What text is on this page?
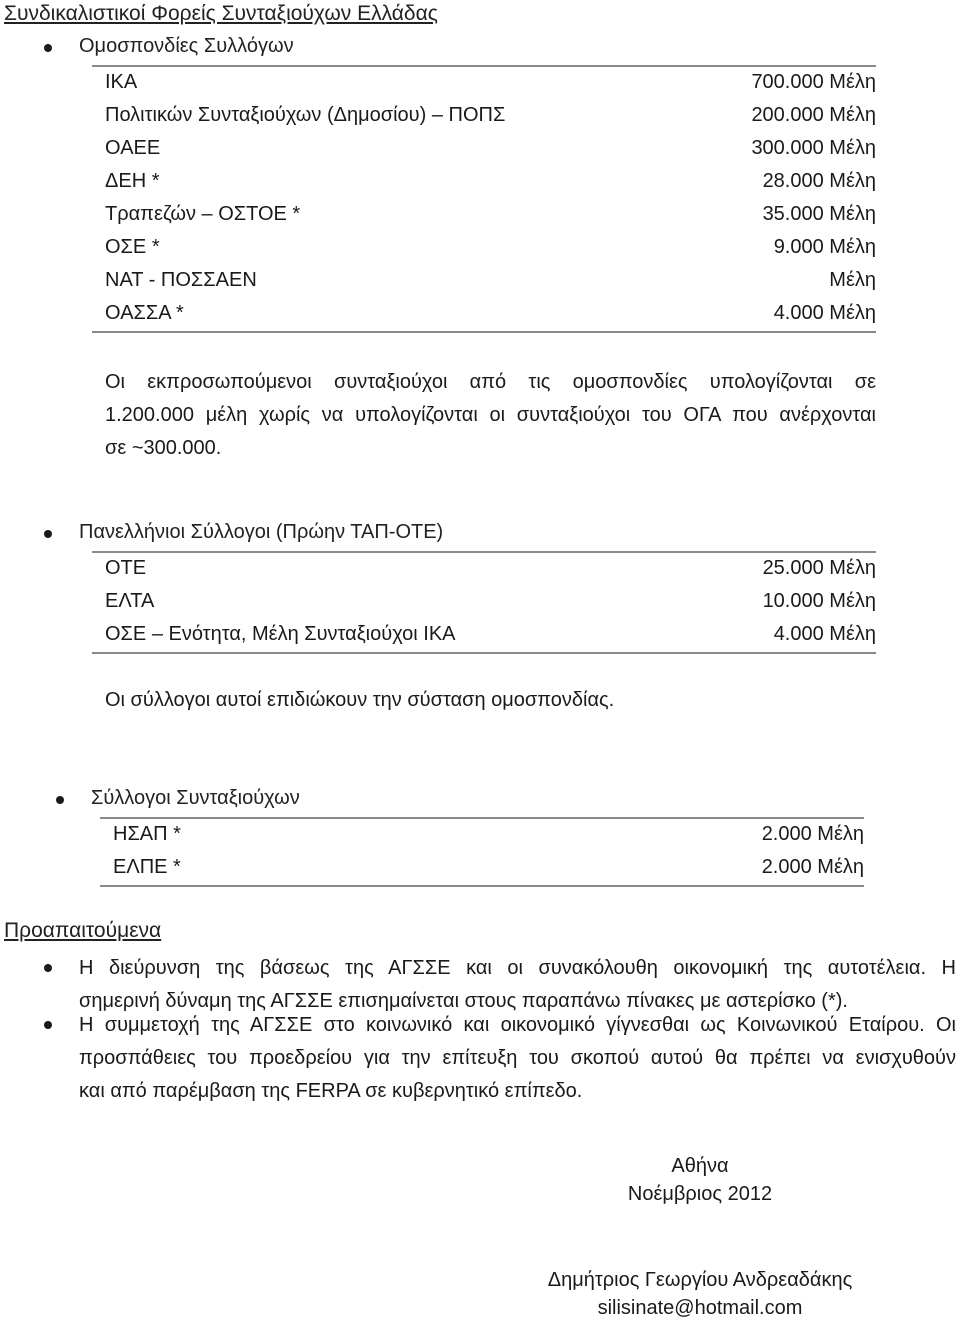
Συνδικαλιστικοί Φορείς Συνταξιούχων Ελλάδας
Ομοσπονδίες Συλλόγων
ΙΚΑ	700.000 Μέλη
Πολιτικών Συνταξιούχων (Δημοσίου) – ΠΟΠΣ	200.000 Μέλη
ΟΑΕΕ	300.000 Μέλη
ΔΕΗ *	28.000 Μέλη
Τραπεζών – ΟΣΤΟΕ *	35.000 Μέλη
ΟΣΕ *	9.000 Μέλη
ΝΑΤ - ΠΟΣΣΑΕΝ	Μέλη
ΟΑΣΣΑ *	4.000 Μέλη
Οι εκπροσωπούμενοι συνταξιούχοι από τις ομοσπονδίες υπολογίζονται σε
1.200.000 μέλη χωρίς να υπολογίζονται οι συνταξιούχοι του ΟΓΑ που ανέρχονται
σε ~300.000.
Πανελλήνιοι Σύλλογοι (Πρώην ΤΑΠ-ΟΤΕ)
ΟΤΕ	25.000 Μέλη
ΕΛΤΑ	10.000 Μέλη
ΟΣΕ – Ενότητα, Μέλη Συνταξιούχοι ΙΚΑ	4.000 Μέλη
Οι σύλλογοι αυτοί επιδιώκουν την σύσταση ομοσπονδίας.
Σύλλογοι Συνταξιούχων
ΗΣΑΠ *	2.000 Μέλη
ΕΛΠΕ *	2.000 Μέλη
Προαπαιτούμενα
Η διεύρυνση της βάσεως της ΑΓΣΣΕ και οι συνακόλουθη οικονομική της αυτοτέλεια. Η
σημερινή δύναμη της ΑΓΣΣΕ επισημαίνεται στους παραπάνω πίνακες με αστερίσκο (*).
Η συμμετοχή της ΑΓΣΣΕ στο κοινωνικό και οικονομικό γίγνεσθαι ως Κοινωνικού Εταίρου. Οι
προσπάθειες του προεδρείου για την επίτευξη του σκοπού αυτού θα πρέπει να ενισχυθούν
και από παρέμβαση της FERPA σε κυβερνητικό επίπεδο.
Αθήνα
Νοέμβριος 2012
Δημήτριος Γεωργίου Ανδρεαδάκης
silisinate@hotmail.com
